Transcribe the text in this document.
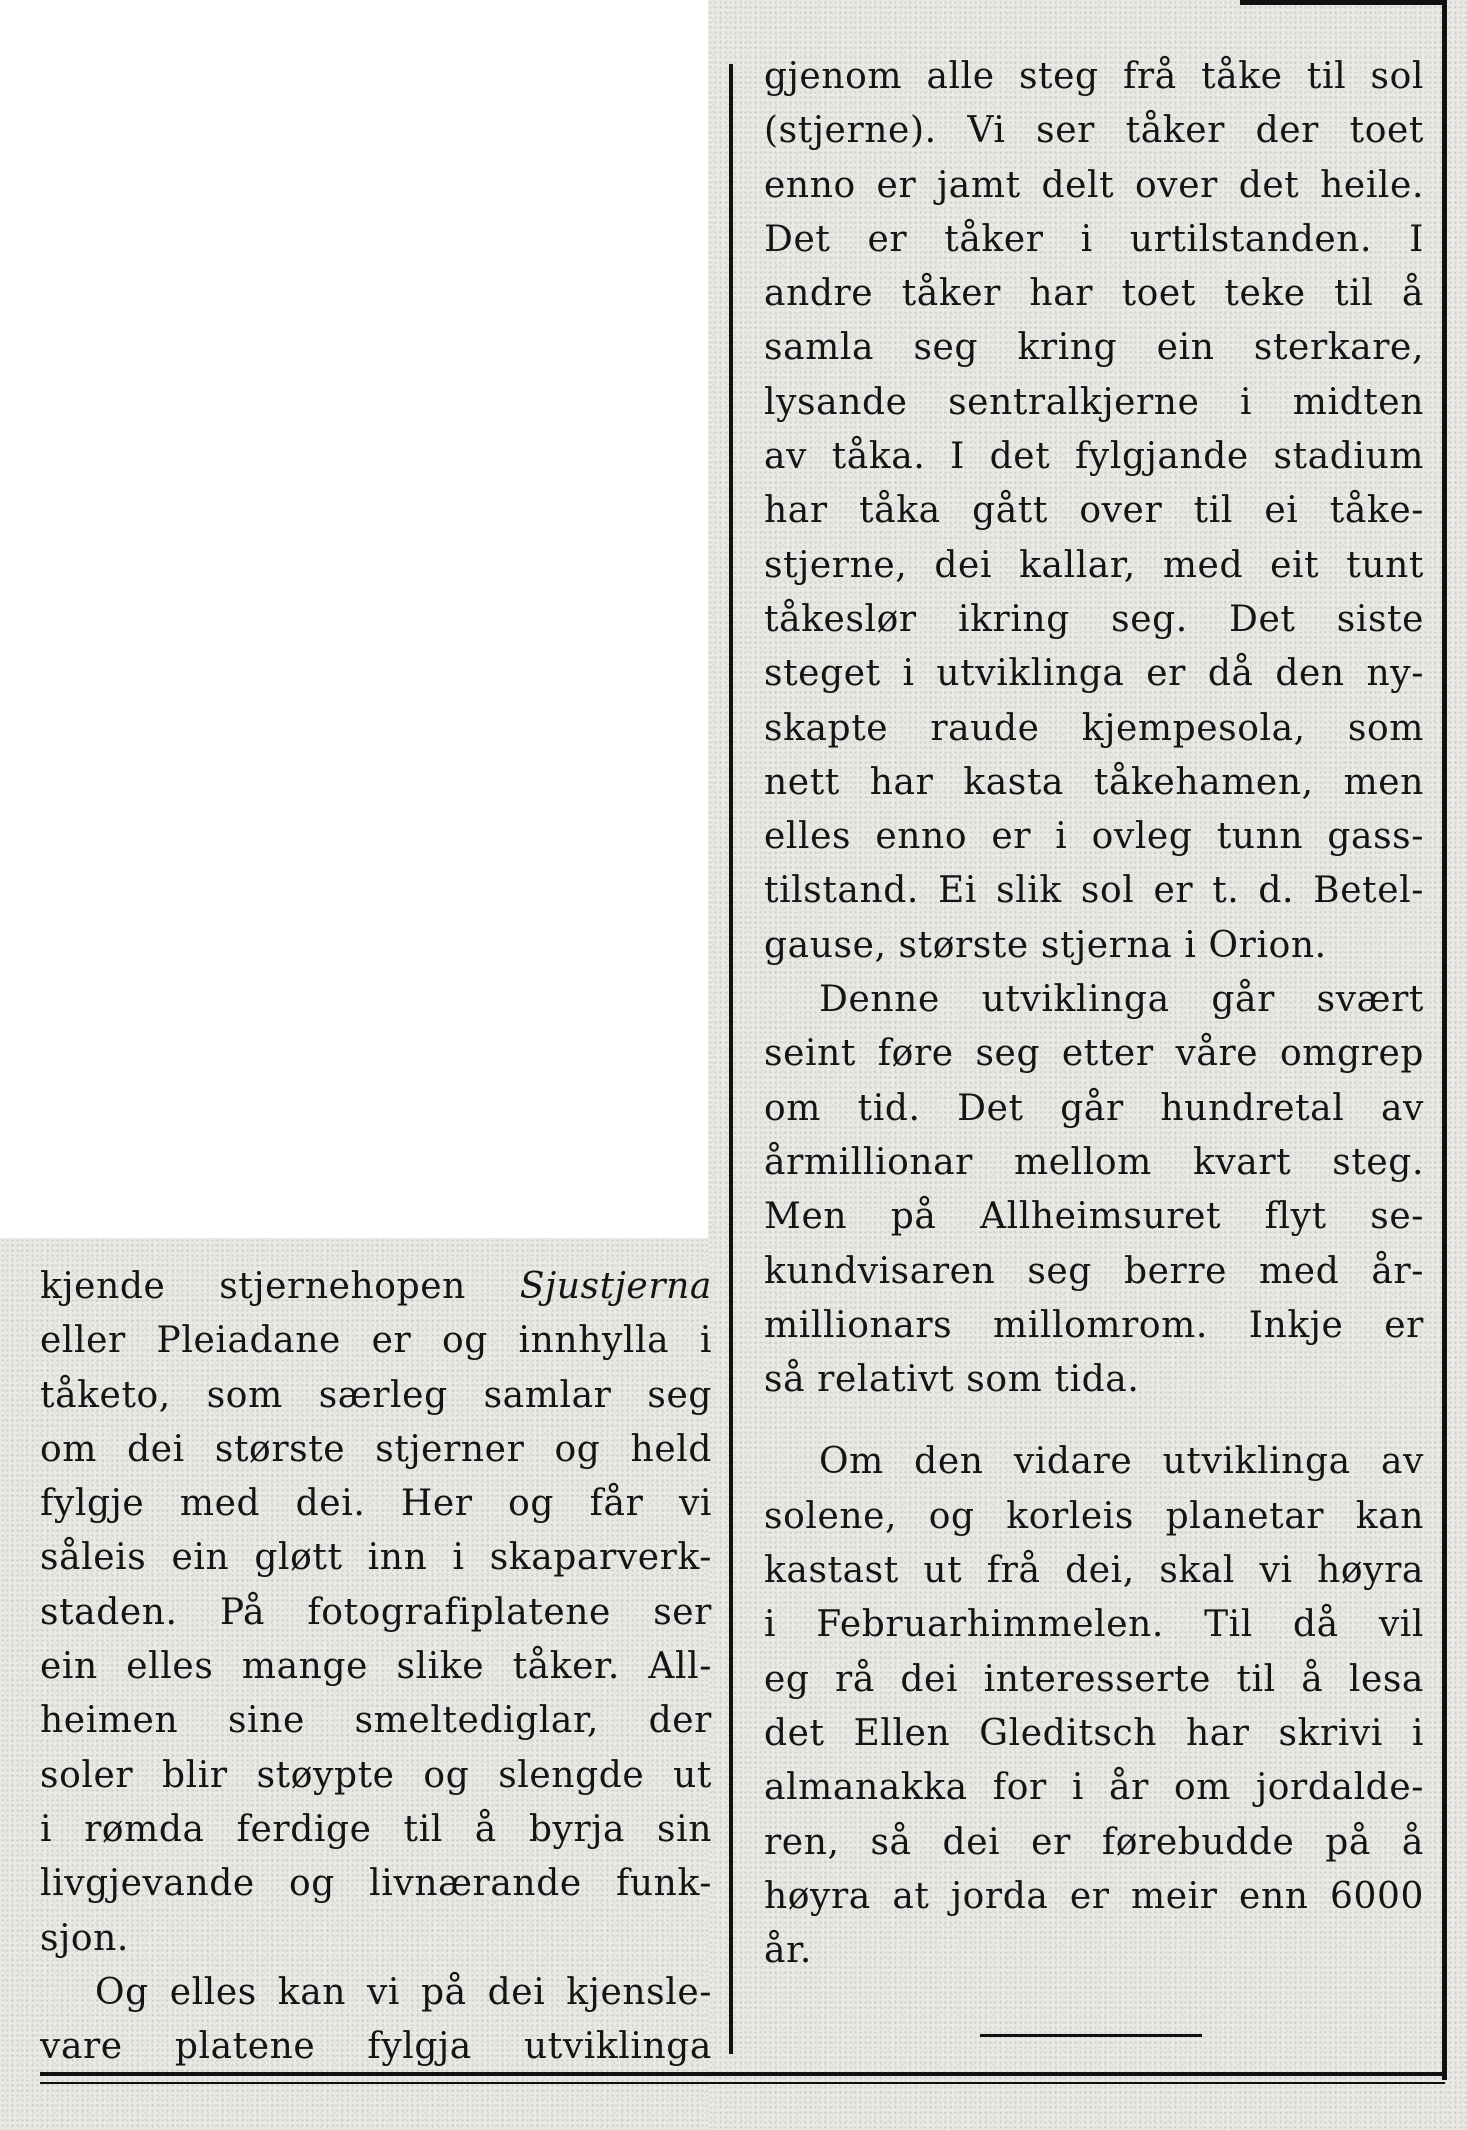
kjende stjernehopen Sjustjerna
eller Pleiadane er og innhylla i
tåketo, som særleg samlar seg
om dei største stjerner og held
fylgje med dei. Her og får vi
såleis ein gløtt inn i skaparverk-
staden. På fotografiplatene ser
ein elles mange slike tåker. All-
heimen sine smeltediglar, der
soler blir støypte og slengde ut
i rømda ferdige til å byrja sin
livgjevande og livnærande funk-
sjon.
Og elles kan vi på dei kjensle-
vare platene fylgja utviklinga
gjenom alle steg frå tåke til sol
(stjerne). Vi ser tåker der toet
enno er jamt delt over det heile.
Det er tåker i urtilstanden. I
andre tåker har toet teke til å
samla seg kring ein sterkare,
lysande sentralkjerne i midten
av tåka. I det fylgjande stadium
har tåka gått over til ei tåke-
stjerne, dei kallar, med eit tunt
tåkeslør ikring seg. Det siste
steget i utviklinga er då den ny-
skapte raude kjempesola, som
nett har kasta tåkehamen, men
elles enno er i ovleg tunn gass-
tilstand. Ei slik sol er t. d. Betel-
gause, største stjerna i Orion.
Denne utviklinga går svært
seint føre seg etter våre omgrep
om tid. Det går hundretal av
årmillionar mellom kvart steg.
Men på Allheimsuret flyt se-
kundvisaren seg berre med år-
millionars millomrom. Inkje er
så relativt som tida.
Om den vidare utviklinga av
solene, og korleis planetar kan
kastast ut frå dei, skal vi høyra
i Februarhimmelen. Til då vil
eg rå dei interesserte til å lesa
det Ellen Gleditsch har skrivi i
almanakka for i år om jordalde-
ren, så dei er førebudde på å
høyra at jorda er meir enn 6000
år.
